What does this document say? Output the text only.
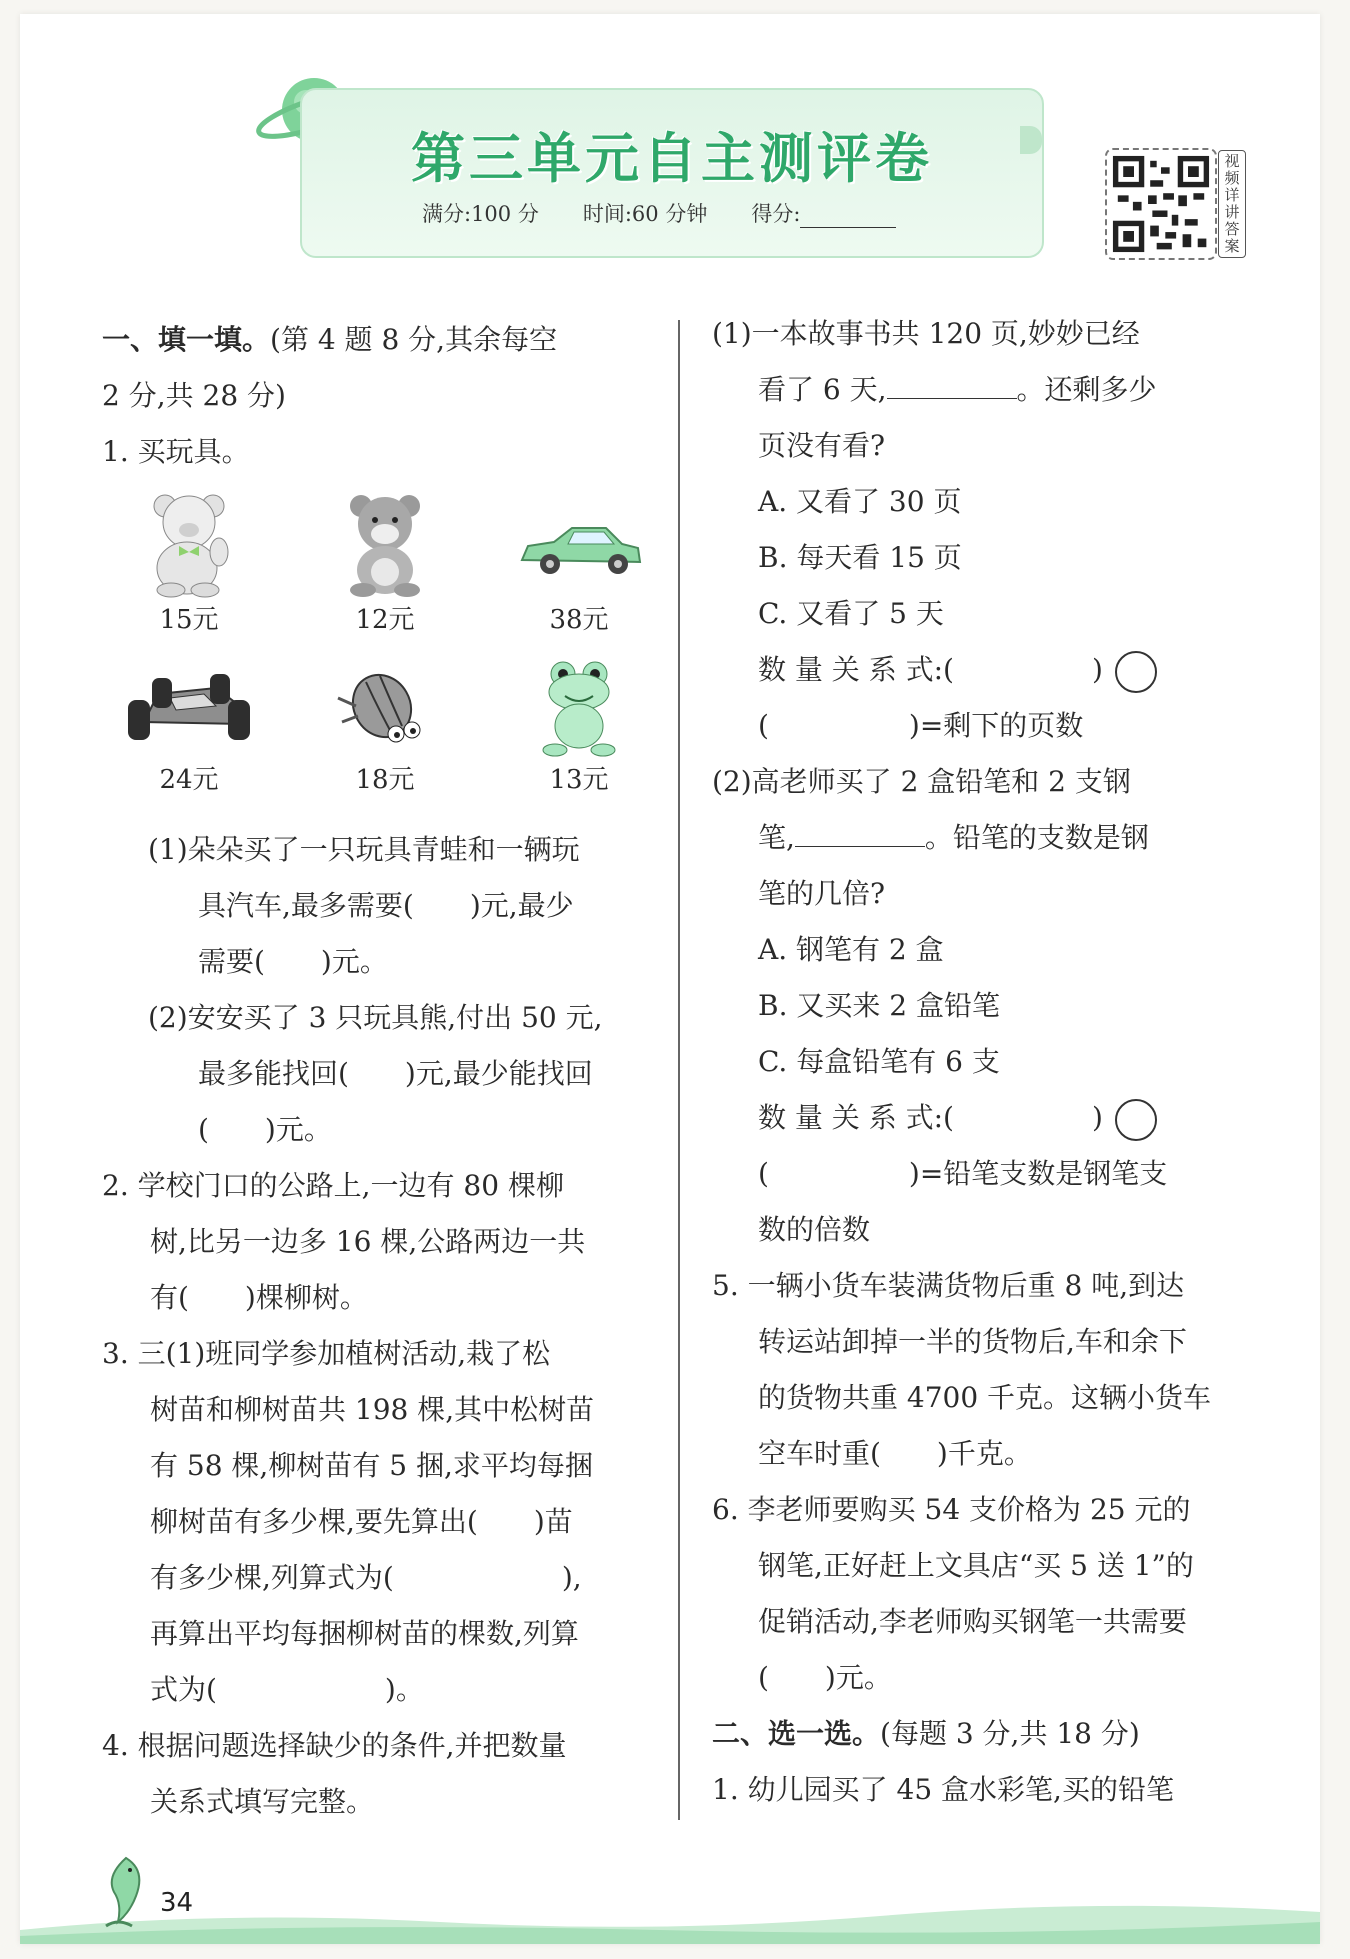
第三单元自主测评卷
满分:100 分 时间:60 分钟 得分:
视频详讲答案
一、填一填。(第 4 题 8 分,其余每空
2 分,共 28 分)
1. 买玩具。
15元	12元	38元
24元	18元	13元
(1)朵朵买了一只玩具青蛙和一辆玩
具汽车,最多需要(　　)元,最少
需要(　　)元。
(2)安安买了 3 只玩具熊,付出 50 元,
最多能找回(　　)元,最少能找回
(　　)元。
2. 学校门口的公路上,一边有 80 棵柳
树,比另一边多 16 棵,公路两边一共
有(　　)棵柳树。
3. 三(1)班同学参加植树活动,栽了松
树苗和柳树苗共 198 棵,其中松树苗
有 58 棵,柳树苗有 5 捆,求平均每捆
柳树苗有多少棵,要先算出(　　)苗
有多少棵,列算式为(　　　　　　),
再算出平均每捆柳树苗的棵数,列算
式为(　　　　　　)。
4. 根据问题选择缺少的条件,并把数量
关系式填写完整。
(1)一本故事书共 120 页,妙妙已经
看了 6 天,	。还剩多少
页没有看?
A. 又看了 30 页
B. 每天看 15 页
C. 又看了 5 天
数 量 关 系 式:(	)
(　　　　　)=剩下的页数
(2)高老师买了 2 盒铅笔和 2 支钢
笔,	。铅笔的支数是钢
笔的几倍?
A. 钢笔有 2 盒
B. 又买来 2 盒铅笔
C. 每盒铅笔有 6 支
数 量 关 系 式:(	)
(　　　　　)=铅笔支数是钢笔支
数的倍数
5. 一辆小货车装满货物后重 8 吨,到达
转运站卸掉一半的货物后,车和余下
的货物共重 4700 千克。这辆小货车
空车时重(　　)千克。
6. 李老师要购买 54 支价格为 25 元的
钢笔,正好赶上文具店“买 5 送 1”的
促销活动,李老师购买钢笔一共需要
(　　)元。
二、选一选。(每题 3 分,共 18 分)
1. 幼儿园买了 45 盒水彩笔,买的铅笔
34
